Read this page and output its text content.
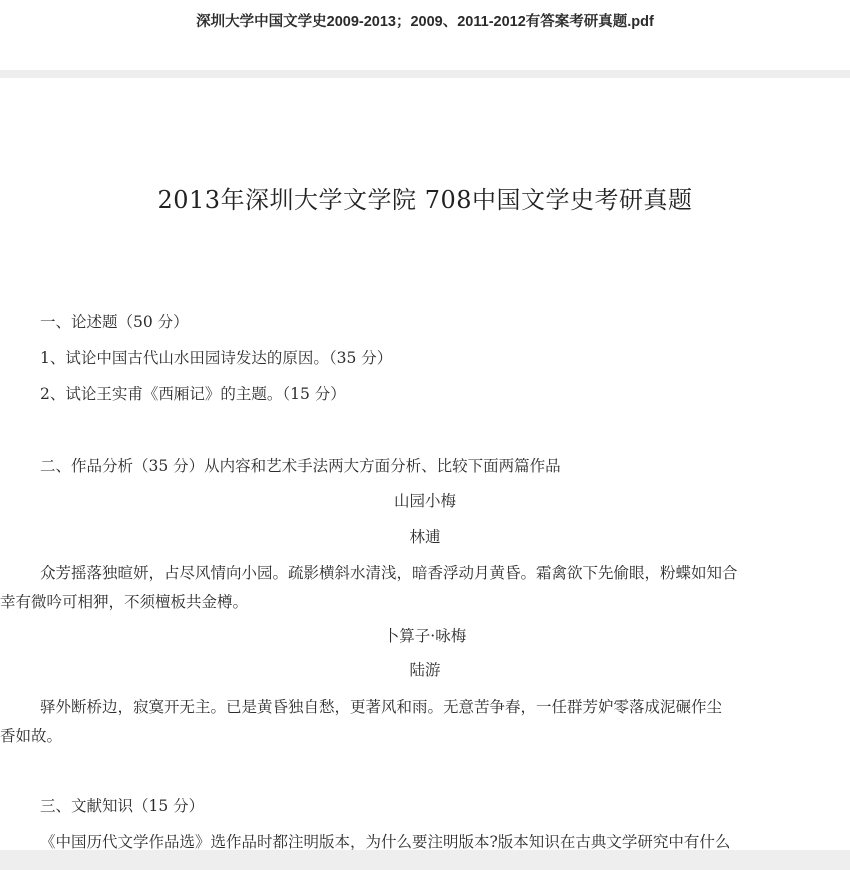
深圳大学中国文学史2009-2013；2009、2011-2012有答案考研真题.pdf
2013年深圳大学文学院 708中国文学史考研真题
一、论述题（50 分）
1、试论中国古代山水田园诗发达的原因。（35 分）
2、试论王实甫《西厢记》的主题。（15 分）
二、作品分析（35 分）从内容和艺术手法两大方面分析、比较下面两篇作品
山园小梅
林逋
众芳摇落独暄妍，占尽风情向小园。疏影横斜水清浅，暗香浮动月黄昏。霜禽欲下先偷眼，粉蝶如知合
幸有微吟可相狎，不须檀板共金樽。
卜算子·咏梅
陆游
驿外断桥边，寂寞开无主。已是黄昏独自愁，更著风和雨。无意苦争春，一任群芳妒零落成泥碾作尘
香如故。
三、文献知识（15 分）
《中国历代文学作品选》选作品时都注明版本，为什么要注明版本?版本知识在古典文学研究中有什么
